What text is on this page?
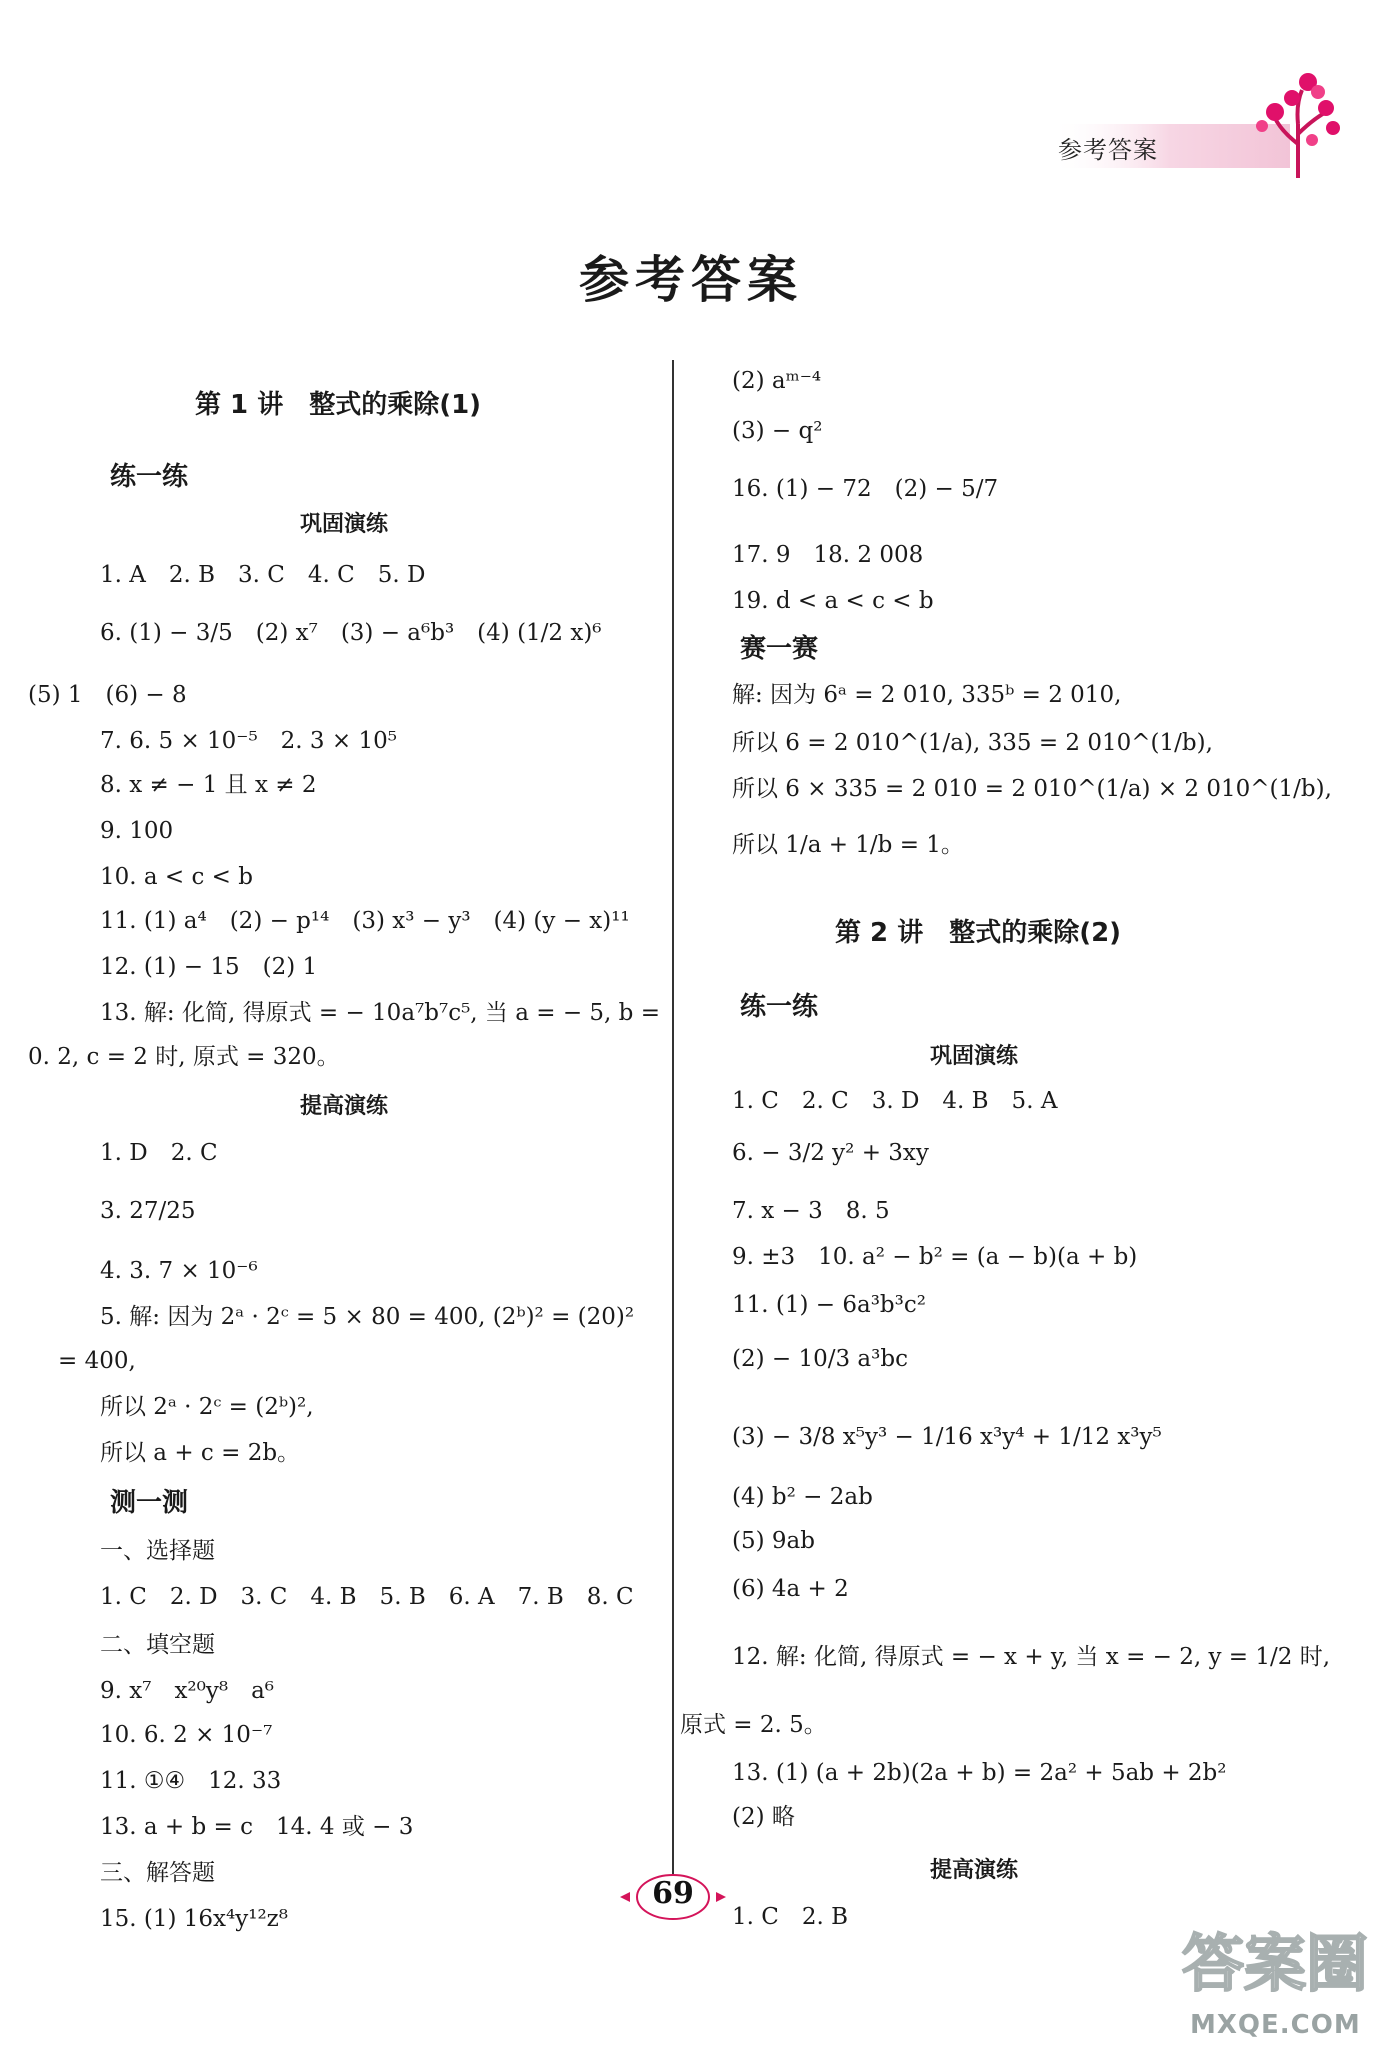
参考答案
参考答案
69
答案圈
MXQE.COM
第 1 讲　整式的乘除(1)
练一练
巩固演练
1. A　2. B　3. C　4. C　5. D
6. (1) − 3/5　(2) x⁷　(3) − a⁶b³　(4) (1/2 x)⁶
(5) 1　(6) − 8
7. 6. 5 × 10⁻⁵　2. 3 × 10⁵
8. x ≠ − 1 且 x ≠ 2
9. 100
10. a < c < b
11. (1) a⁴　(2) − p¹⁴　(3) x³ − y³　(4) (y − x)¹¹
12. (1) − 15　(2) 1
13. 解: 化简, 得原式 = − 10a⁷b⁷c⁵, 当 a = − 5, b =
0. 2, c = 2 时, 原式 = 320。
提高演练
1. D　2. C
3. 27/25
4. 3. 7 × 10⁻⁶
5. 解: 因为 2ᵃ · 2ᶜ = 5 × 80 = 400, (2ᵇ)² = (20)²
= 400,
所以 2ᵃ · 2ᶜ = (2ᵇ)²,
所以 a + c = 2b。
测一测
一、选择题
1. C　2. D　3. C　4. B　5. B　6. A　7. B　8. C
二、填空题
9. x⁷　x²⁰y⁸　a⁶
10. 6. 2 × 10⁻⁷
11. ①④　12. 33
13. a + b = c　14. 4 或 − 3
三、解答题
15. (1) 16x⁴y¹²z⁸
(2) aᵐ⁻⁴
(3) − q²
16. (1) − 72　(2) − 5/7
17. 9　18. 2 008
19. d < a < c < b
赛一赛
解: 因为 6ᵃ = 2 010, 335ᵇ = 2 010,
所以 6 = 2 010^(1/a), 335 = 2 010^(1/b),
所以 6 × 335 = 2 010 = 2 010^(1/a) × 2 010^(1/b),
所以 1/a + 1/b = 1。
第 2 讲　整式的乘除(2)
练一练
巩固演练
1. C　2. C　3. D　4. B　5. A
6. − 3/2 y² + 3xy
7. x − 3　8. 5
9. ±3　10. a² − b² = (a − b)(a + b)
11. (1) − 6a³b³c²
(2) − 10/3 a³bc
(3) − 3/8 x⁵y³ − 1/16 x³y⁴ + 1/12 x³y⁵
(4) b² − 2ab
(5) 9ab
(6) 4a + 2
12. 解: 化简, 得原式 = − x + y, 当 x = − 2, y = 1/2 时,
原式 = 2. 5。
13. (1) (a + 2b)(2a + b) = 2a² + 5ab + 2b²
(2) 略
提高演练
1. C　2. B
